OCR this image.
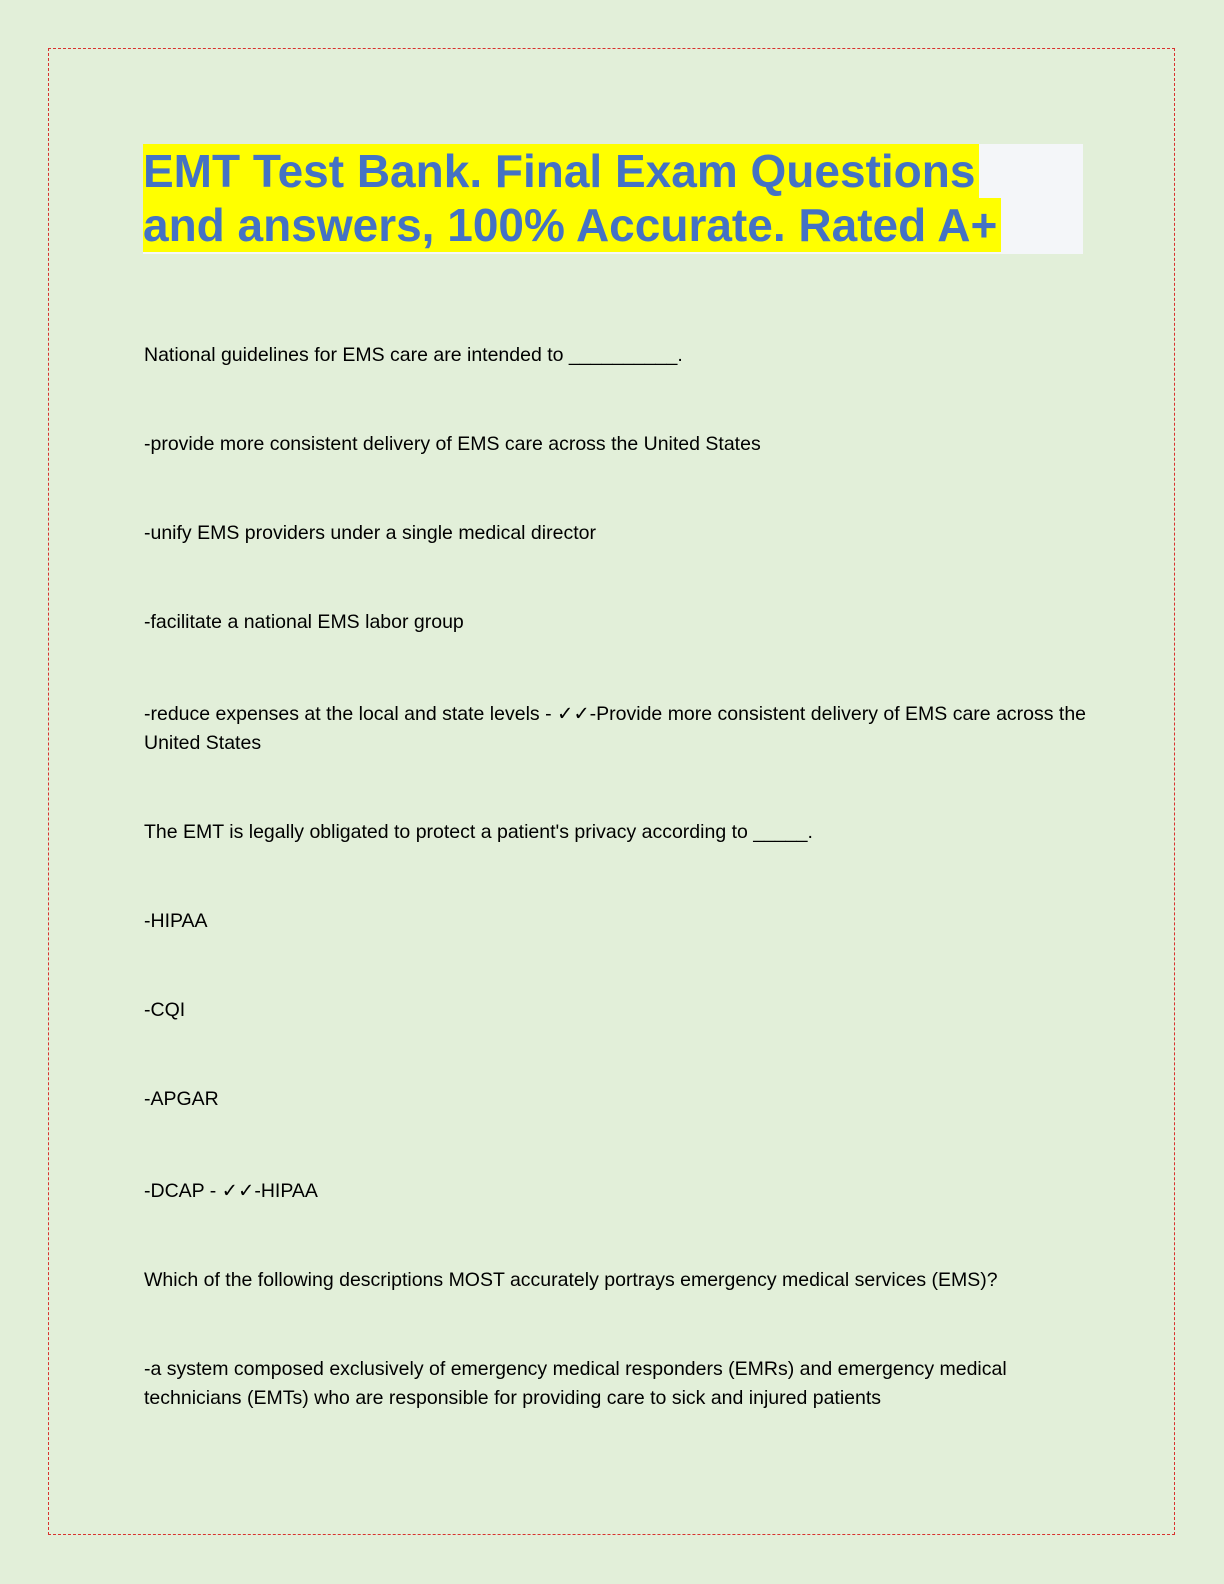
EMT Test Bank. Final Exam Questions
and answers, 100% Accurate. Rated A+

National guidelines for EMS care are intended to __________.

-provide more consistent delivery of EMS care across the United States

-unify EMS providers under a single medical director

-facilitate a national EMS labor group

-reduce expenses at the local and state levels - ✓✓-Provide more consistent delivery of EMS care across the United States

The EMT is legally obligated to protect a patient's privacy according to _____.

-HIPAA

-CQI

-APGAR

-DCAP - ✓✓-HIPAA

Which of the following descriptions MOST accurately portrays emergency medical services (EMS)?

-a system composed exclusively of emergency medical responders (EMRs) and emergency medical technicians (EMTs) who are responsible for providing care to sick and injured patients
